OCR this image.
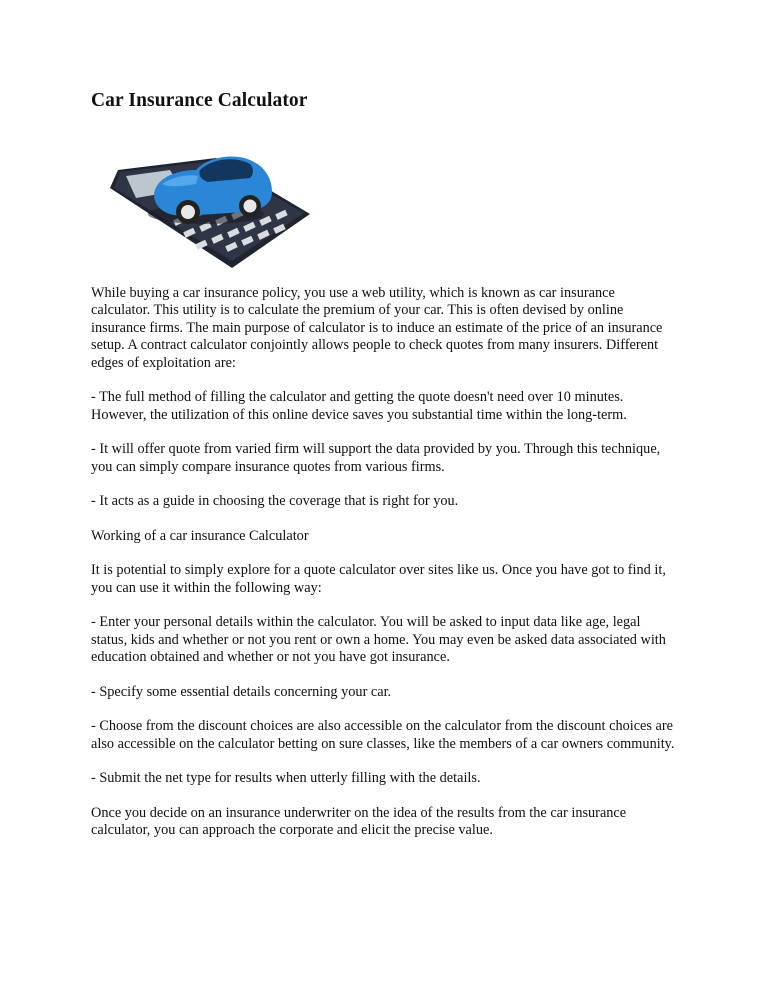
Car Insurance Calculator

While buying a car insurance policy, you use a web utility, which is known as car insurance calculator. This utility is to calculate the premium of your car. This is often devised by online insurance firms. The main purpose of calculator is to induce an estimate of the price of an insurance setup. A contract calculator conjointly allows people to check quotes from many insurers. Different edges of exploitation are:

- The full method of filling the calculator and getting the quote doesn't need over 10 minutes. However, the utilization of this online device saves you substantial time within the long-term.

- It will offer quote from varied firm will support the data provided by you. Through this technique, you can simply compare insurance quotes from various firms.

- It acts as a guide in choosing the coverage that is right for you.

Working of a car insurance Calculator

It is potential to simply explore for a quote calculator over sites like us. Once you have got to find it, you can use it within the following way:

- Enter your personal details within the calculator. You will be asked to input data like age, legal status, kids and whether or not you rent or own a home. You may even be asked data associated with education obtained and whether or not you have got insurance.

- Specify some essential details concerning your car.

- Choose from the discount choices are also accessible on the calculator from the discount choices are also accessible on the calculator betting on sure classes, like the members of a car owners community.

- Submit the net type for results when utterly filling with the details.

Once you decide on an insurance underwriter on the idea of the results from the car insurance calculator, you can approach the corporate and elicit the precise value.
